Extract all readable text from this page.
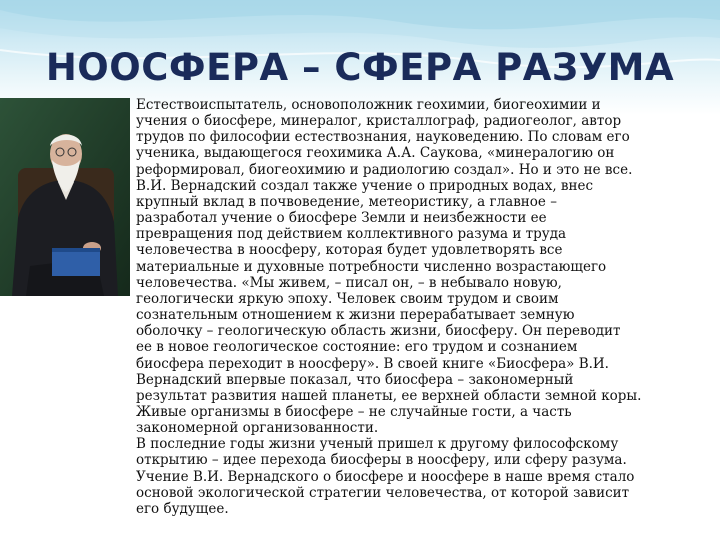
НООСФЕРА – СФЕРА РАЗУМА

Естествоиспытатель, основоположник геохимии, биогеохимии и

учения о биосфере, минералог, кристаллограф, радиогеолог, автор

трудов по философии естествознания, науковедению. По словам его

ученика, выдающегося геохимика А.А. Саукова, «минералогию он

реформировал, биогеохимию и радиологию создал». Но и это не все.

В.И. Вернадский создал также учение о природных водах, внес

крупный вклад в почвоведение, метеористику, а главное –

разработал учение о биосфере Земли и неизбежности ее

превращения под действием коллективного разума и труда

человечества в ноосферу, которая будет удовлетворять все

материальные и духовные потребности численно возрастающего

человечества. «Мы живем, – писал он, – в небывало новую,

геологически яркую эпоху. Человек своим трудом и своим

сознательным отношением к жизни перерабатывает земную

оболочку – геологическую область жизни, биосферу. Он переводит

ее в новое геологическое состояние: его трудом и сознанием

биосфера переходит в ноосферу». В своей книге «Биосфера» В.И.

Вернадский впервые показал, что биосфера – закономерный

результат развития нашей планеты, ее верхней области земной коры.

Живые организмы в биосфере – не случайные гости, а часть

закономерной организованности.

В последние годы жизни ученый пришел к другому философскому

открытию – идее перехода биосферы в ноосферу, или сферу разума.

Учение В.И. Вернадского о биосфере и ноосфере в наше время стало

основой экологической стратегии человечества, от которой зависит

его будущее.
